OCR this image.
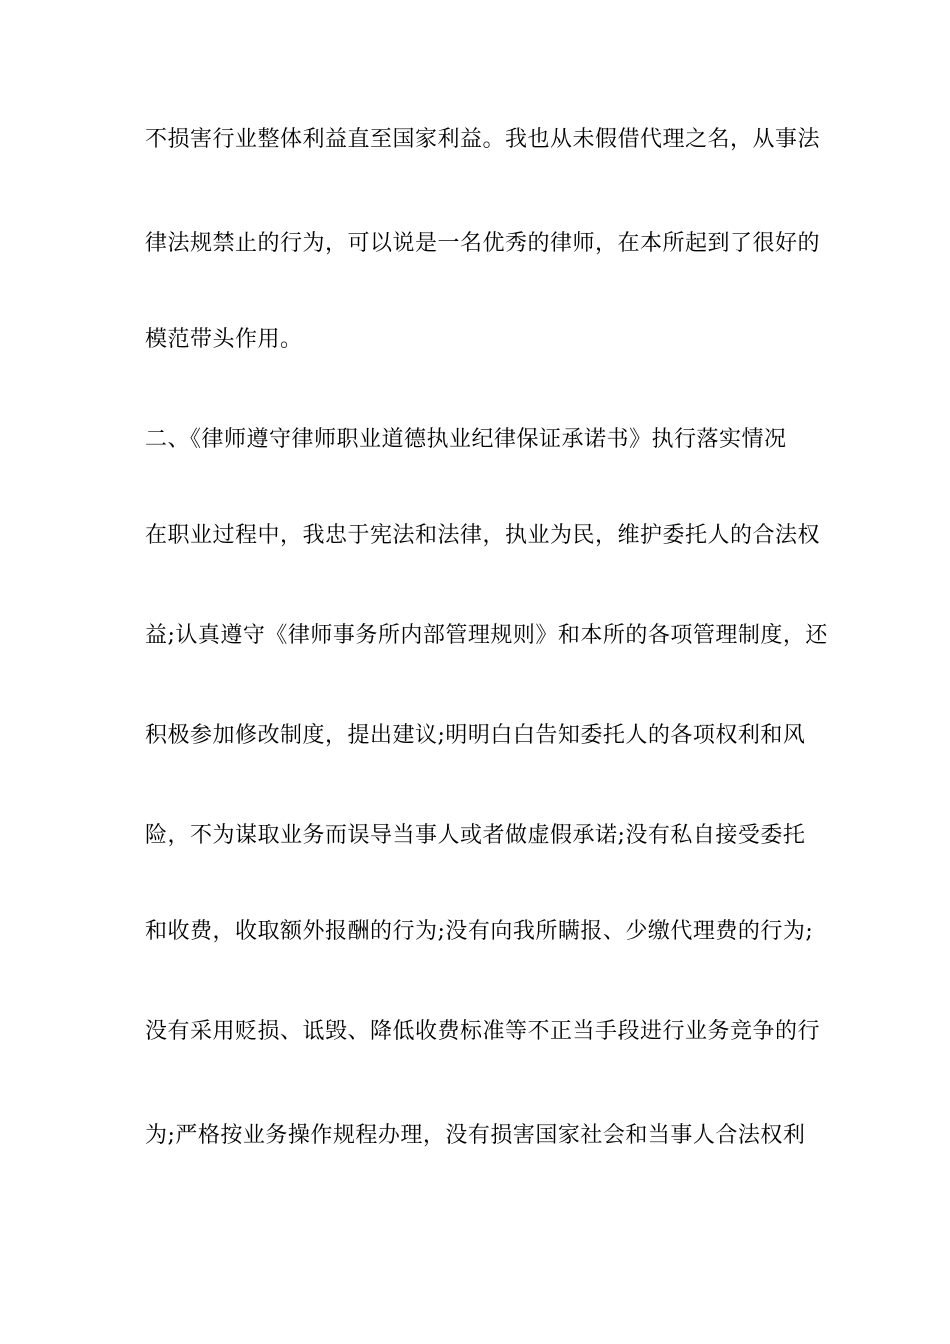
不损害行业整体利益直至国家利益。我也从未假借代理之名，从事法
律法规禁止的行为，可以说是一名优秀的律师，在本所起到了很好的
模范带头作用。
二、《律师遵守律师职业道德执业纪律保证承诺书》执行落实情况
在职业过程中，我忠于宪法和法律，执业为民，维护委托人的合法权
益;认真遵守《律师事务所内部管理规则》和本所的各项管理制度，还
积极参加修改制度，提出建议;明明白白告知委托人的各项权利和风
险，不为谋取业务而误导当事人或者做虚假承诺;没有私自接受委托
和收费，收取额外报酬的行为;没有向我所瞒报、少缴代理费的行为;
没有采用贬损、诋毁、降低收费标准等不正当手段进行业务竞争的行
为;严格按业务操作规程办理，没有损害国家社会和当事人合法权利
